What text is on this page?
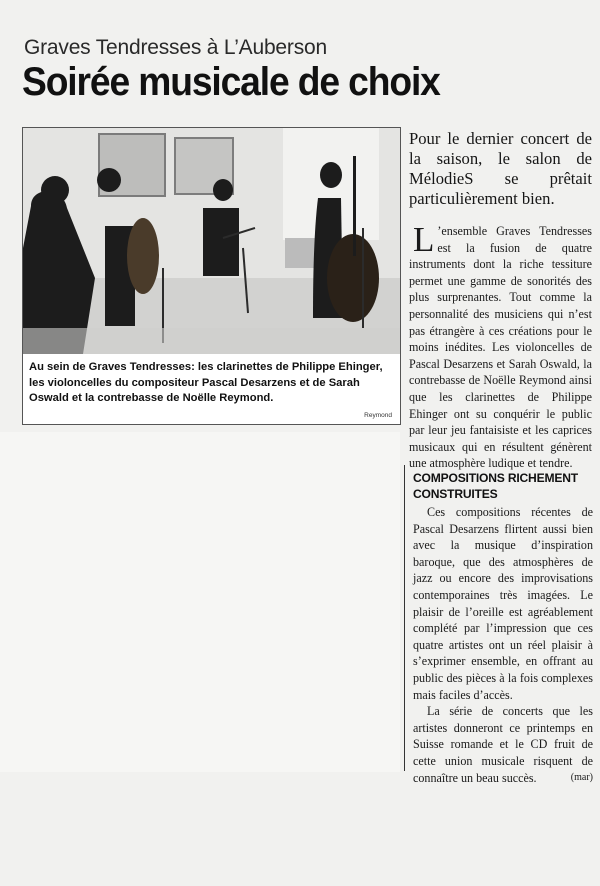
Graves Tendresses à L’Auberson
Soirée musicale de choix
Au sein de Graves Tendresses: les clarinettes de Philippe Ehinger, les violoncelles du compositeur Pascal Desarzens et de Sarah Oswald et la contrebasse de Noëlle Reymond.
Reymond

Pour le dernier concert de la saison, le salon de MélodieS se prêtait particulièrement bien.

L ’ensemble Graves Tendresses est la fusion de quatre instruments dont la riche tessiture permet une gamme de sonorités des plus surprenantes. Tout comme la personnalité des musiciens qui n’est pas étrangère à ces créations pour le moins inédites. Les violoncelles de Pascal Desarzens et Sarah Oswald, la contrebasse de Noëlle Reymond ainsi que les clarinettes de Philippe Ehinger ont su conquérir le public par leur jeu fantaisiste et les caprices musicaux qui en résultent génèrent une atmosphère ludique et tendre.

COMPOSITIONS RICHEMENT CONSTRUITES

Ces compositions récentes de Pascal Desarzens flirtent aussi bien avec la musique d’inspiration baroque, que des atmosphères de jazz ou encore des improvisations contemporaines très imagées. Le plaisir de l’oreille est agréablement complété par l’impression que ces quatre artistes ont un réel plaisir à s’exprimer ensemble, en offrant au public des pièces à la fois complexes mais faciles d’accès.

La série de concerts que les artistes donneront ce printemps en Suisse romande et le CD fruit de cette union musicale risquent de connaître un beau succès.	(mar)
